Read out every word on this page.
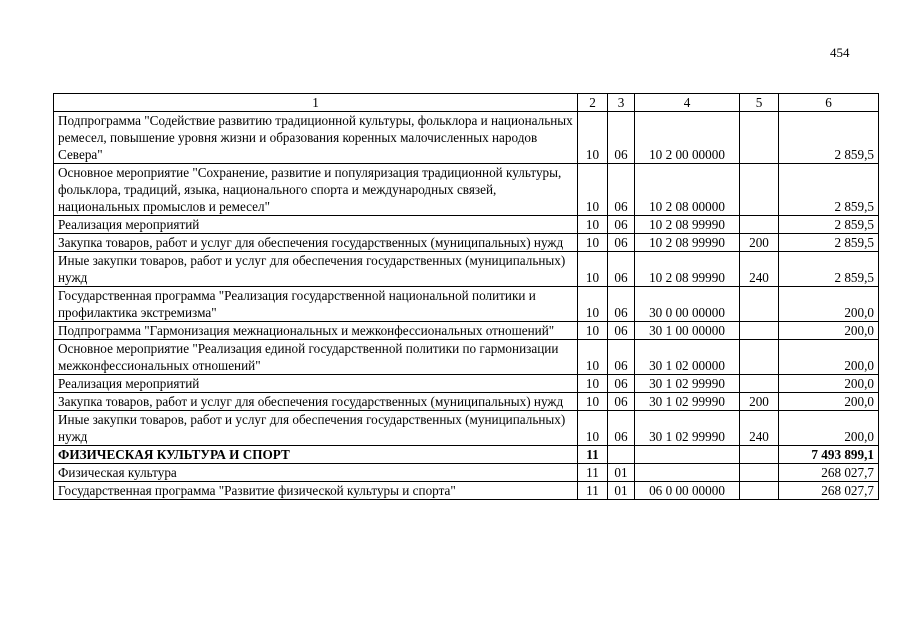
454
1	2	3	4	5	6
Подпрограмма "Содействие развитию традиционной культуры, фольклора и национальных ремесел, повышение уровня жизни и образования коренных малочисленных народов Севера"	10	06	10 2 00 00000		2 859,5
Основное мероприятие "Сохранение, развитие и популяризация традиционной культуры, фольклора, традиций, языка, национального спорта и международных связей, национальных промыслов и ремесел"	10	06	10 2 08 00000		2 859,5
Реализация мероприятий	10	06	10 2 08 99990		2 859,5
Закупка товаров, работ и услуг для обеспечения государственных (муниципальных) нужд	10	06	10 2 08 99990	200	2 859,5
Иные закупки товаров, работ и услуг для обеспечения государственных (муниципальных) нужд	10	06	10 2 08 99990	240	2 859,5
Государственная программа "Реализация государственной национальной политики и профилактика экстремизма"	10	06	30 0 00 00000		200,0
Подпрограмма "Гармонизация межнациональных и межконфессиональных отношений"	10	06	30 1 00 00000		200,0
Основное мероприятие "Реализация единой государственной политики по гармонизации межконфессиональных отношений"	10	06	30 1 02 00000		200,0
Реализация мероприятий	10	06	30 1 02 99990		200,0
Закупка товаров, работ и услуг для обеспечения государственных (муниципальных) нужд	10	06	30 1 02 99990	200	200,0
Иные закупки товаров, работ и услуг для обеспечения государственных (муниципальных) нужд	10	06	30 1 02 99990	240	200,0
ФИЗИЧЕСКАЯ КУЛЬТУРА И СПОРТ	11				7 493 899,1
Физическая культура	11	01			268 027,7
Государственная программа "Развитие физической культуры и спорта"	11	01	06 0 00 00000		268 027,7
